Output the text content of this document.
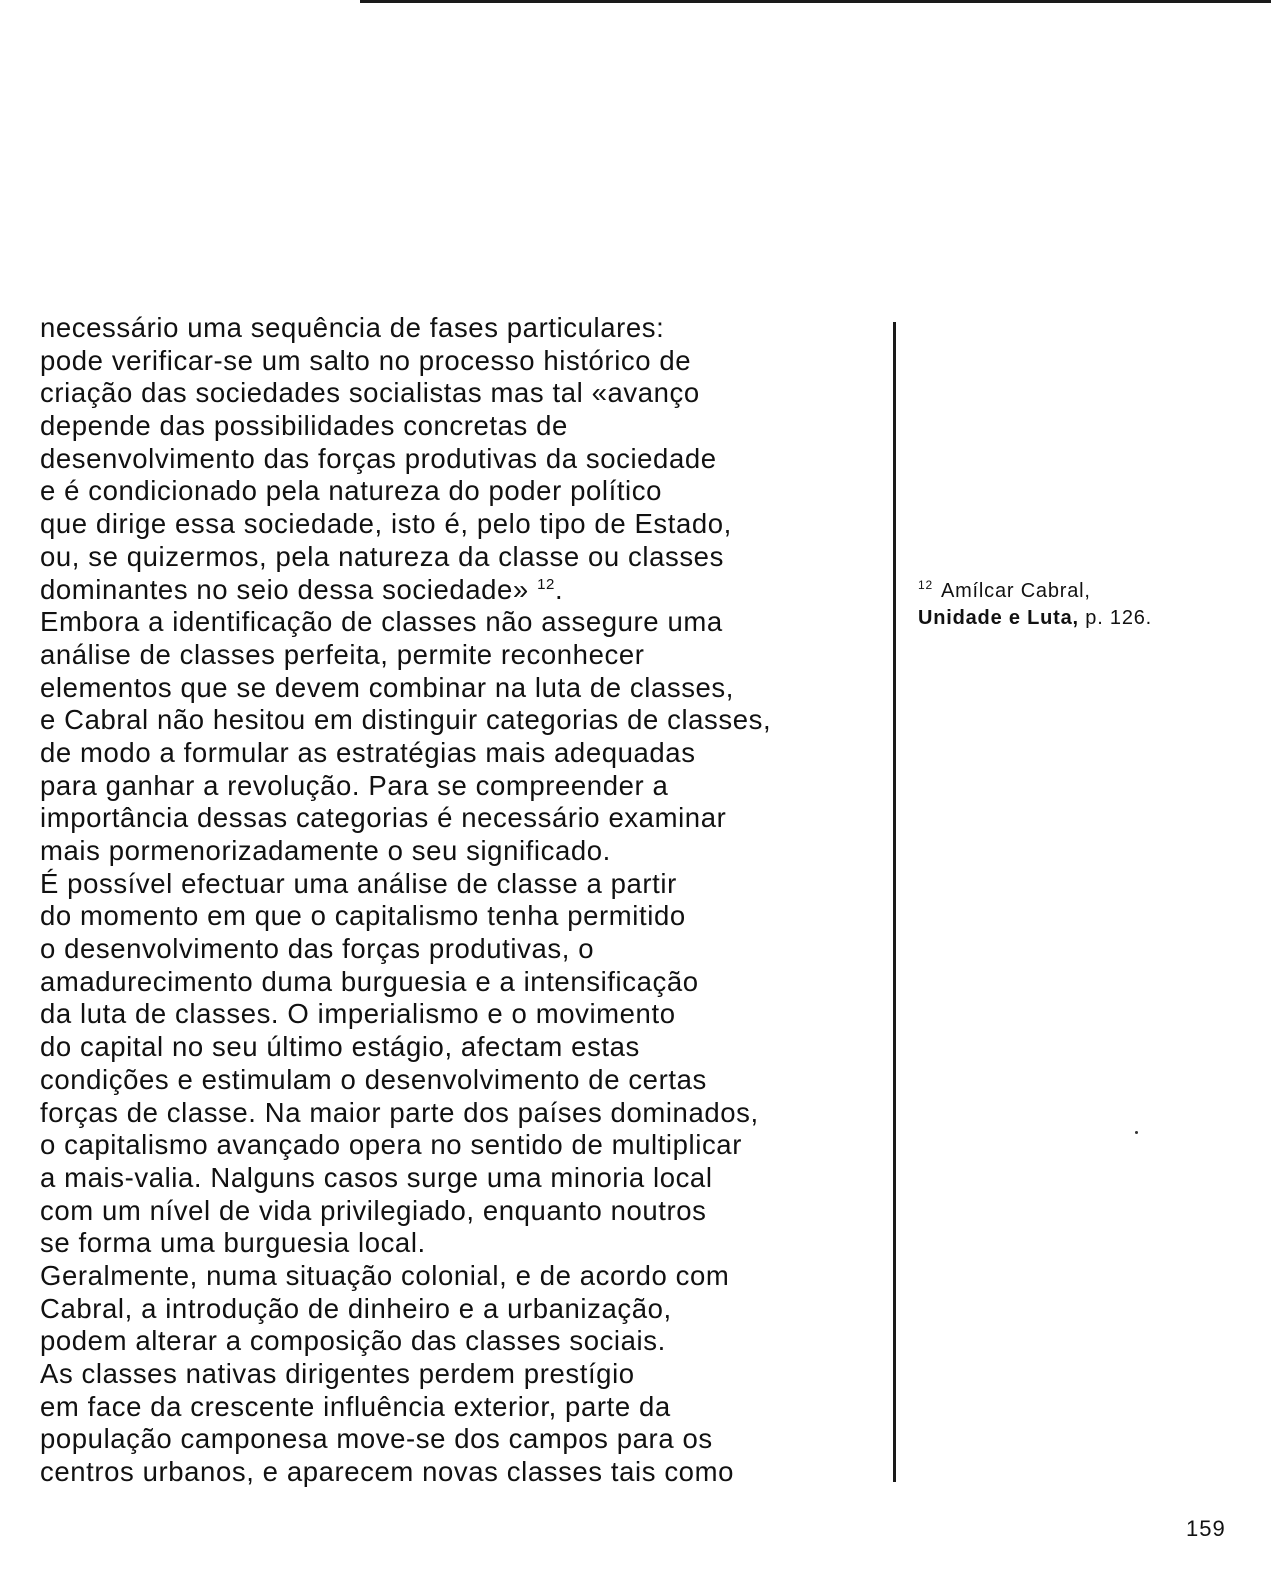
necessário uma sequência de fases particulares:
pode verificar-se um salto no processo histórico de
criação das sociedades socialistas mas tal «avanço
depende das possibilidades concretas de
desenvolvimento das forças produtivas da sociedade
e é condicionado pela natureza do poder político
que dirige essa sociedade, isto é, pelo tipo de Estado,
ou, se quizermos, pela natureza da classe ou classes
dominantes no seio dessa sociedade» $^{12}$.
Embora a identificação de classes não assegure uma
análise de classes perfeita, permite reconhecer
elementos que se devem combinar na luta de classes,
e Cabral não hesitou em distinguir categorias de classes,
de modo a formular as estratégias mais adequadas
para ganhar a revolução. Para se compreender a
importância dessas categorias é necessário examinar
mais pormenorizadamente o seu significado.
É possível efectuar uma análise de classe a partir
do momento em que o capitalismo tenha permitido
o desenvolvimento das forças produtivas, o
amadurecimento duma burguesia e a intensificação
da luta de classes. O imperialismo e o movimento
do capital no seu último estágio, afectam estas
condições e estimulam o desenvolvimento de certas
forças de classe. Na maior parte dos países dominados,
o capitalismo avançado opera no sentido de multiplicar
a mais-valia. Nalguns casos surge uma minoria local
com um nível de vida privilegiado, enquanto noutros
se forma uma burguesia local.
Geralmente, numa situação colonial, e de acordo com
Cabral, a introdução de dinheiro e a urbanização,
podem alterar a composição das classes sociais.
As classes nativas dirigentes perdem prestígio
em face da crescente influência exterior, parte da
população camponesa move-se dos campos para os
centros urbanos, e aparecem novas classes tais como
$^{12}$ Amílcar Cabral,
Unidade e Luta, p. 126.
159
